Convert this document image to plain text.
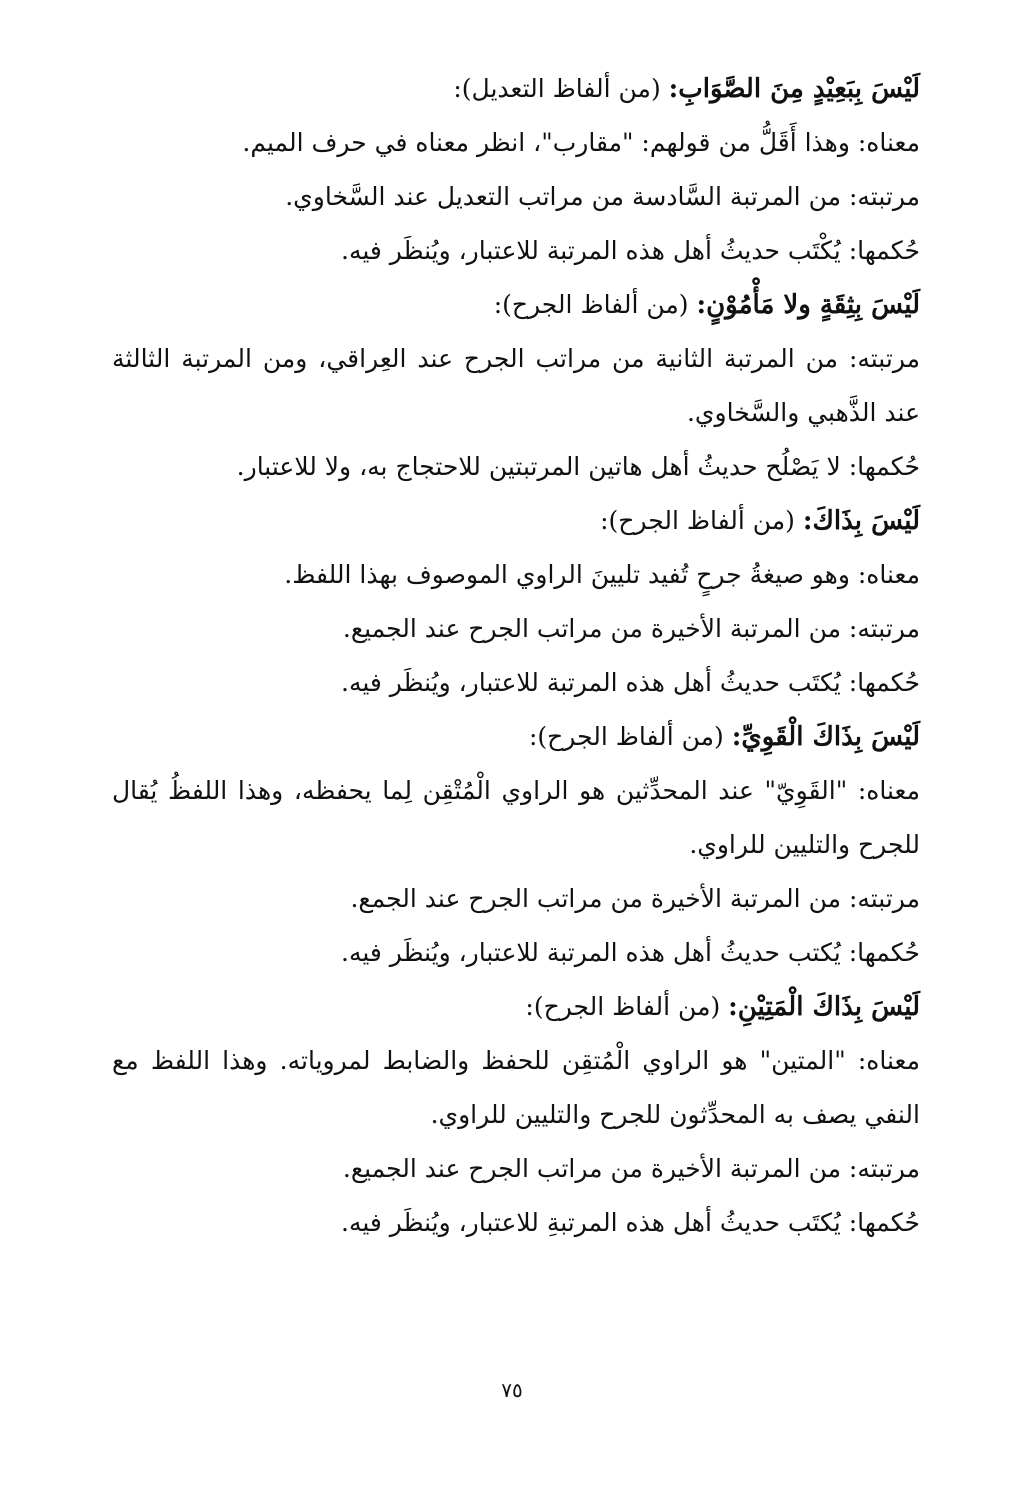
لَيْسَ بِبَعِيْدٍ مِنَ الصَّوَابِ: (من ألفاظ التعديل):

معناه: وهذا أَقَلُّ من قولهم: "مقارب"، انظر معناه في حرف الميم.

مرتبته: من المرتبة السَّادسة من مراتب التعديل عند السَّخاوي.

حُكمها: يُكْتَب حديثُ أهل هذه المرتبة للاعتبار، ويُنظَر فيه.

لَيْسَ بِثِقَةٍ ولا مَأْمُوْنٍ: (من ألفاظ الجرح):

مرتبته: من المرتبة الثانية من مراتب الجرح عند العِراقي، ومن المرتبة الثالثة عند الذَّهبي والسَّخاوي.

حُكمها: لا يَصْلُح حديثُ أهل هاتين المرتبتين للاحتجاج به، ولا للاعتبار.

لَيْسَ بِذَاكَ: (من ألفاظ الجرح):

معناه: وهو صيغةُ جرحٍ تُفيد تليينَ الراوي الموصوف بهذا اللفظ.

مرتبته: من المرتبة الأخيرة من مراتب الجرح عند الجميع.

حُكمها: يُكتَب حديثُ أهل هذه المرتبة للاعتبار، ويُنظَر فيه.

لَيْسَ بِذَاكَ الْقَوِيِّ: (من ألفاظ الجرح):

معناه: "القَوِيّ" عند المحدِّثين هو الراوي الْمُتْقِن لِما يحفظه، وهذا اللفظُ يُقال للجرح والتليين للراوي.

مرتبته: من المرتبة الأخيرة من مراتب الجرح عند الجمع.

حُكمها: يُكتب حديثُ أهل هذه المرتبة للاعتبار، ويُنظَر فيه.

لَيْسَ بِذَاكَ الْمَتِيْنِ: (من ألفاظ الجرح):

معناه: "المتين" هو الراوي الْمُتقِن للحفظ والضابط لمروياته. وهذا اللفظ مع النفي يصف به المحدِّثون للجرح والتليين للراوي.

مرتبته: من المرتبة الأخيرة من مراتب الجرح عند الجميع.

حُكمها: يُكتَب حديثُ أهل هذه المرتبةِ للاعتبار، ويُنظَر فيه.

٧٥
